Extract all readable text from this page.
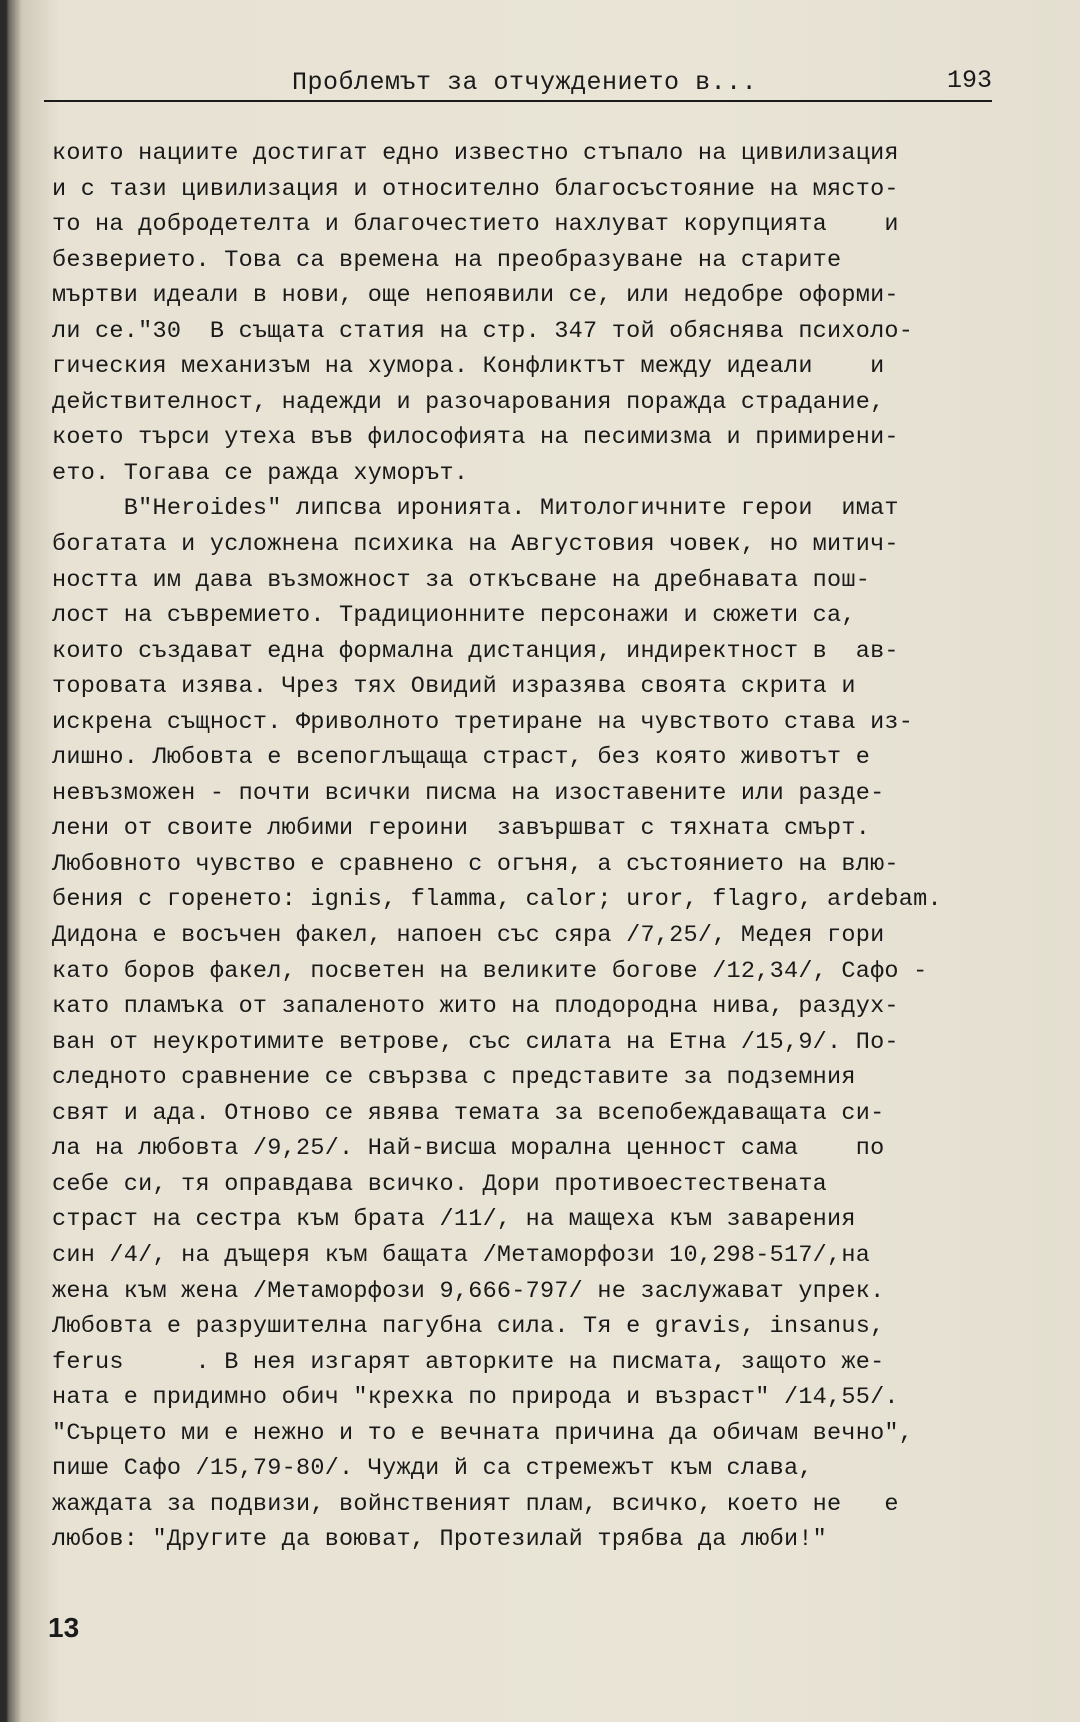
Проблемът за отчуждението в...	193
които нациите достигат едно известно стъпало на цивилизация
и с тази цивилизация и относително благосъстояние на място-
то на добродетелта и благочестието нахлуват корупцията    и
безверието. Това са времена на преобразуване на старите
мъртви идеали в нови, още непоявили се, или недобре оформи-
ли се."30  В същата статия на стр. 347 той обяснява психоло-
гическия механизъм на хумора. Конфликтът между идеали    и
действителност, надежди и разочарования поражда страдание,
което търси утеха във философията на песимизма и примирени-
ето. Тогава се ражда хуморът.
В"Heroides" липсва иронията. Митологичните герои  имат
богатата и усложнена психика на Августовия човек, но митич-
ността им дава възможност за откъсване на дребнавата пош-
лост на съвремието. Традиционните персонажи и сюжети са,
които създават една формална дистанция, индиректност в  ав-
торовата изява. Чрез тях Овидий изразява своята скрита и
искрена същност. Фриволното третиране на чувството става из-
лишно. Любовта е всепоглъщаща страст, без която животът е
невъзможен - почти всички писма на изоставените или разде-
лени от своите любими героини  завършват с тяхната смърт.
Любовното чувство е сравнено с огъня, а състоянието на влю-
бения с горенето: ignis, flamma, calor; uror, flagro, ardebam.
Дидона е восъчен факел, напоен със сяра /7,25/, Медея гори
като боров факел, посветен на великите богове /12,34/, Сафо -
като пламъка от запаленото жито на плодородна нива, раздух-
ван от неукротимите ветрове, със силата на Етна /15,9/. По-
следното сравнение се свързва с представите за подземния
свят и ада. Отново се явява темата за всепобеждаващата си-
ла на любовта /9,25/. Най-висша морална ценност сама    по
себе си, тя оправдава всичко. Дори противоестествената
страст на сестра към брата /11/, на мащеха към заварения
син /4/, на дъщеря към бащата /Метаморфози 10,298-517/,на
жена към жена /Метаморфози 9,666-797/ не заслужават упрек.
Любовта е разрушителна пагубна сила. Тя е gravis, insanus,
ferus     . В нея изгарят авторките на писмата, защото же-
ната е придимно обич "крехка по природа и възраст" /14,55/.
"Сърцето ми е нежно и то е вечната причина да обичам вечно",
пише Сафо /15,79-80/. Чужди й са стремежът към слава,
жаждата за подвизи, войнственият плам, всичко, което не   е
любов: "Другите да воюват, Протезилай трябва да люби!"
13
